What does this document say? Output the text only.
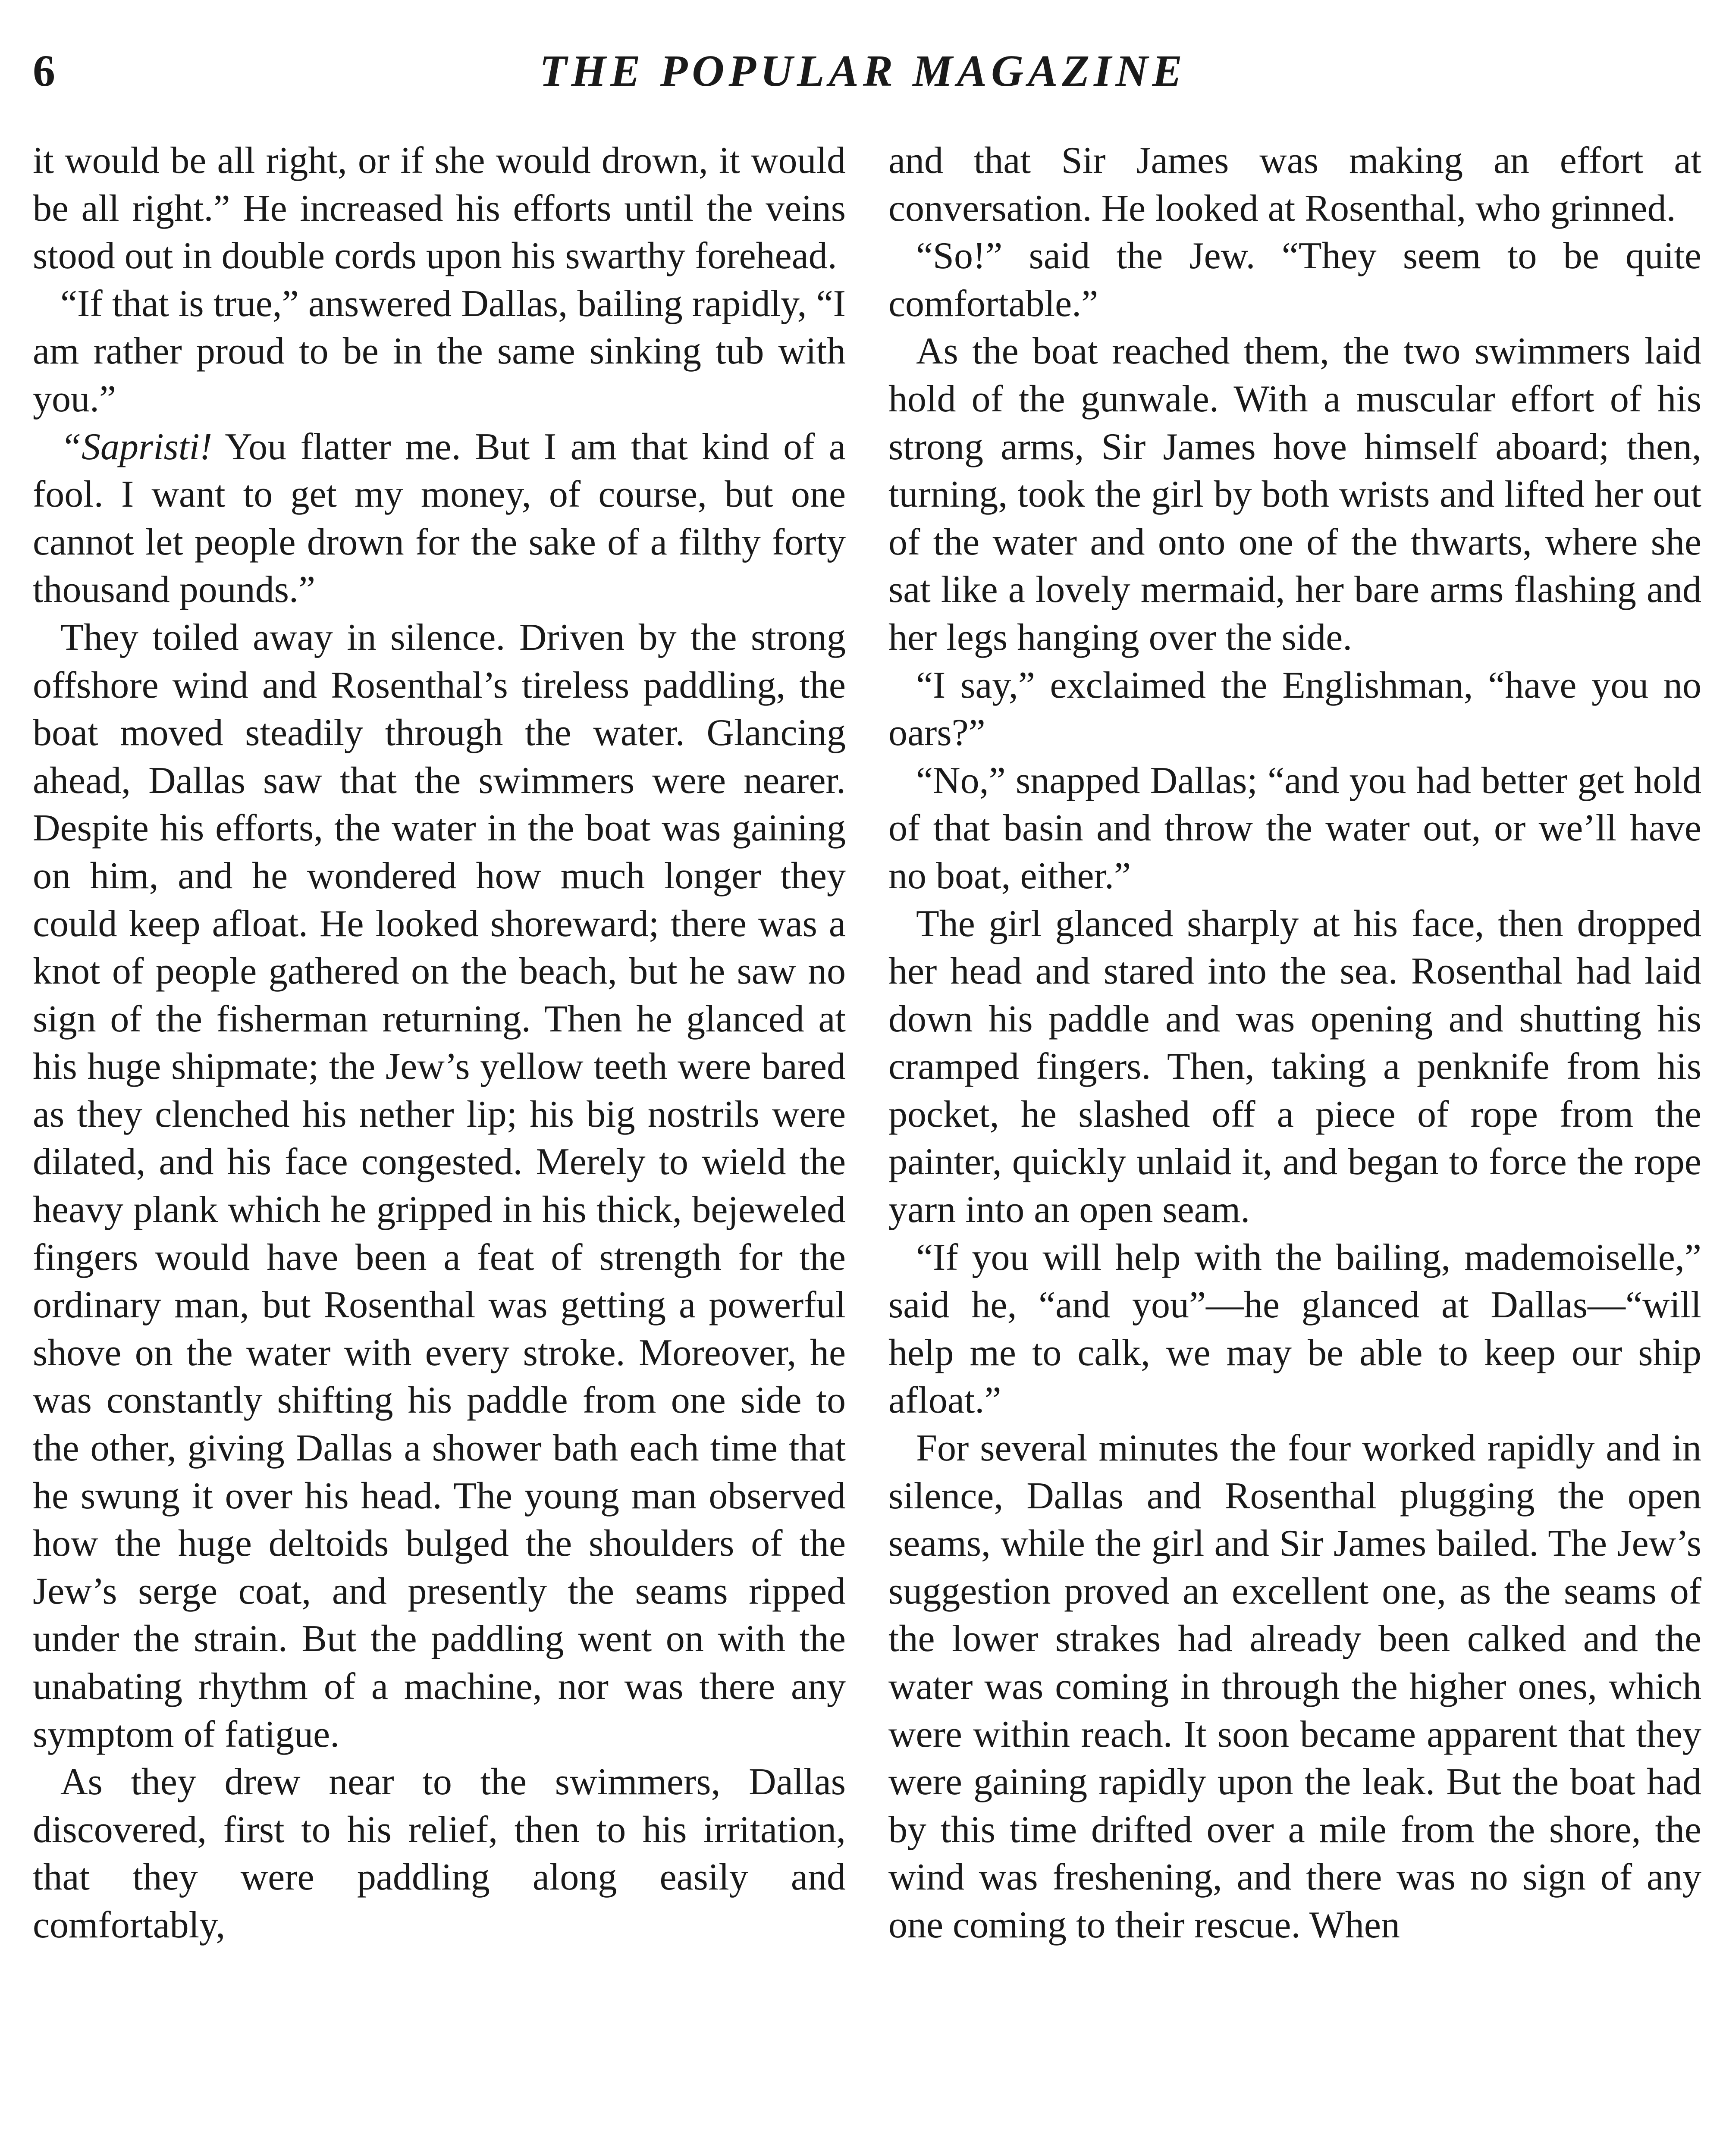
6	THE POPULAR MAGAZINE

it would be all right, or if she would drown, it would be all right.” He increased his efforts until the veins stood out in double cords upon his swarthy forehead.

“If that is true,” answered Dallas, bailing rapidly, “I am rather proud to be in the same sinking tub with you.”

“Sapristi! You flatter me. But I am that kind of a fool. I want to get my money, of course, but one cannot let people drown for the sake of a filthy forty thousand pounds.”

They toiled away in silence. Driven by the strong offshore wind and Rosenthal’s tireless paddling, the boat moved steadily through the water. Glancing ahead, Dallas saw that the swimmers were nearer. Despite his efforts, the water in the boat was gaining on him, and he wondered how much longer they could keep afloat. He looked shoreward; there was a knot of people gathered on the beach, but he saw no sign of the fisherman returning. Then he glanced at his huge shipmate; the Jew’s yellow teeth were bared as they clenched his nether lip; his big nostrils were dilated, and his face congested. Merely to wield the heavy plank which he gripped in his thick, bejeweled fingers would have been a feat of strength for the ordinary man, but Rosenthal was getting a powerful shove on the water with every stroke. Moreover, he was constantly shifting his paddle from one side to the other, giving Dallas a shower bath each time that he swung it over his head. The young man observed how the huge deltoids bulged the shoulders of the Jew’s serge coat, and presently the seams ripped under the strain. But the paddling went on with the unabating rhythm of a machine, nor was there any symptom of fatigue.

As they drew near to the swimmers, Dallas discovered, first to his relief, then to his irritation, that they were paddling along easily and comfortably,

and that Sir James was making an effort at conversation. He looked at Rosenthal, who grinned.

“So!” said the Jew. “They seem to be quite comfortable.”

As the boat reached them, the two swimmers laid hold of the gunwale. With a muscular effort of his strong arms, Sir James hove himself aboard; then, turning, took the girl by both wrists and lifted her out of the water and onto one of the thwarts, where she sat like a lovely mermaid, her bare arms flashing and her legs hanging over the side.

“I say,” exclaimed the Englishman, “have you no oars?”

“No,” snapped Dallas; “and you had better get hold of that basin and throw the water out, or we’ll have no boat, either.”

The girl glanced sharply at his face, then dropped her head and stared into the sea. Rosenthal had laid down his paddle and was opening and shutting his cramped fingers. Then, taking a penknife from his pocket, he slashed off a piece of rope from the painter, quickly unlaid it, and began to force the rope yarn into an open seam.

“If you will help with the bailing, mademoiselle,” said he, “and you”—he glanced at Dallas—“will help me to calk, we may be able to keep our ship afloat.”

For several minutes the four worked rapidly and in silence, Dallas and Rosenthal plugging the open seams, while the girl and Sir James bailed. The Jew’s suggestion proved an excellent one, as the seams of the lower strakes had already been calked and the water was coming in through the higher ones, which were within reach. It soon became apparent that they were gaining rapidly upon the leak. But the boat had by this time drifted over a mile from the shore, the wind was freshening, and there was no sign of any one coming to their rescue. When
